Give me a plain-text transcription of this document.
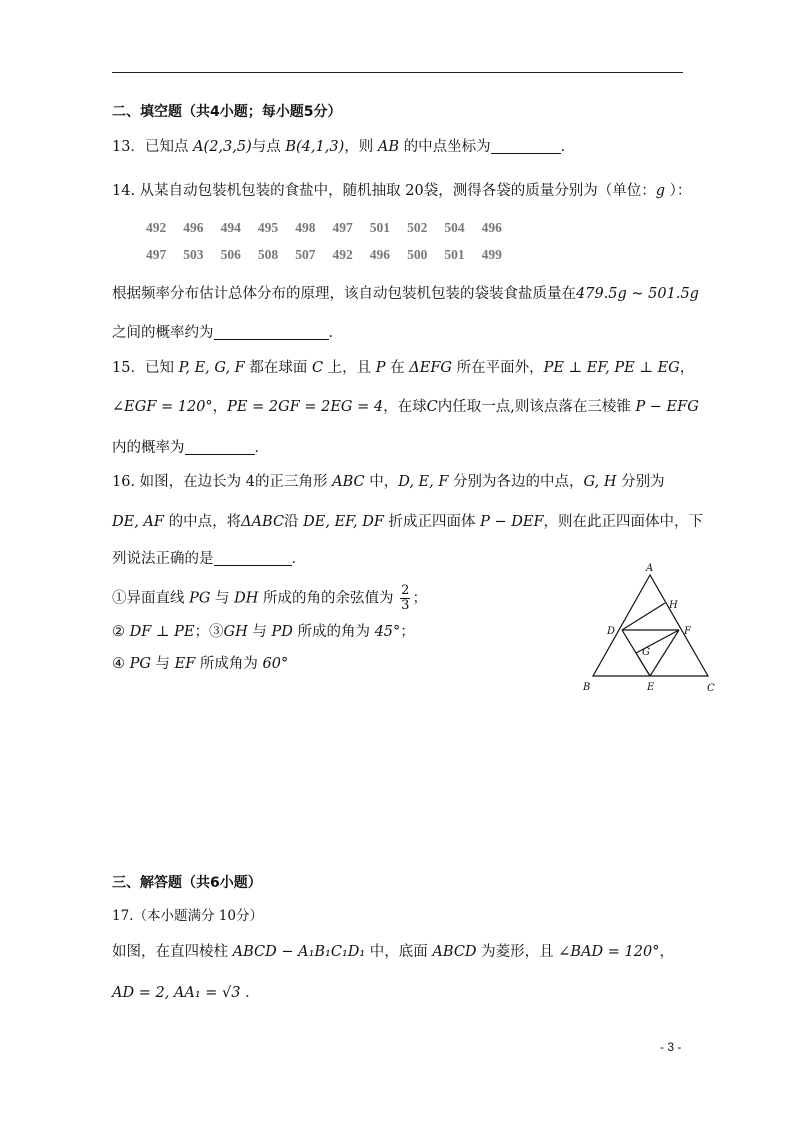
二、填空题（共4小题；每小题5分）
13．已知点 A(2,3,5)与点 B(4,1,3)，则 AB 的中点坐标为	．
14. 从某自动包装机包装的食盐中，随机抽取 20袋，测得各袋的质量分别为（单位：g ）：
492 496 494 495 498 497 501 502 504 496
497 503 506 508 507 492 496 500 501 499
根据频率分布估计总体分布的原理，该自动包装机包装的袋装食盐质量在479.5g ~ 501.5g
之间的概率约为	．
15．已知 P, E, G, F 都在球面 C 上，且 P 在 ΔEFG 所在平面外，PE ⊥ EF, PE ⊥ EG，
∠EGF = 120°，PE = 2GF = 2EG = 4，在球C内任取一点,则该点落在三棱锥 P − EFG
内的概率为	．
16. 如图，在边长为 4的正三角形 ABC 中，D, E, F 分别为各边的中点，G, H 分别为
DE, AF 的中点，将ΔABC沿 DE, EF, DF 折成正四面体 P − DEF，则在此正四面体中，下
列说法正确的是	．
①异面直线 PG 与 DH 所成的角的余弦值为 $\frac{2}{3}$ ；
② DF ⊥ PE；③GH 与 PD 所成的角为 45°；
④ PG 与 EF 所成角为 60°
A
B	C
D
E
F
G
H
三、解答题（共6小题）
17.（本小题满分 10分）
如图，在直四棱柱 ABCD − A₁B₁C₁D₁ 中，底面 ABCD 为菱形，且 ∠BAD = 120°，
AD = 2, AA₁ = √3 ．
- 3 -
